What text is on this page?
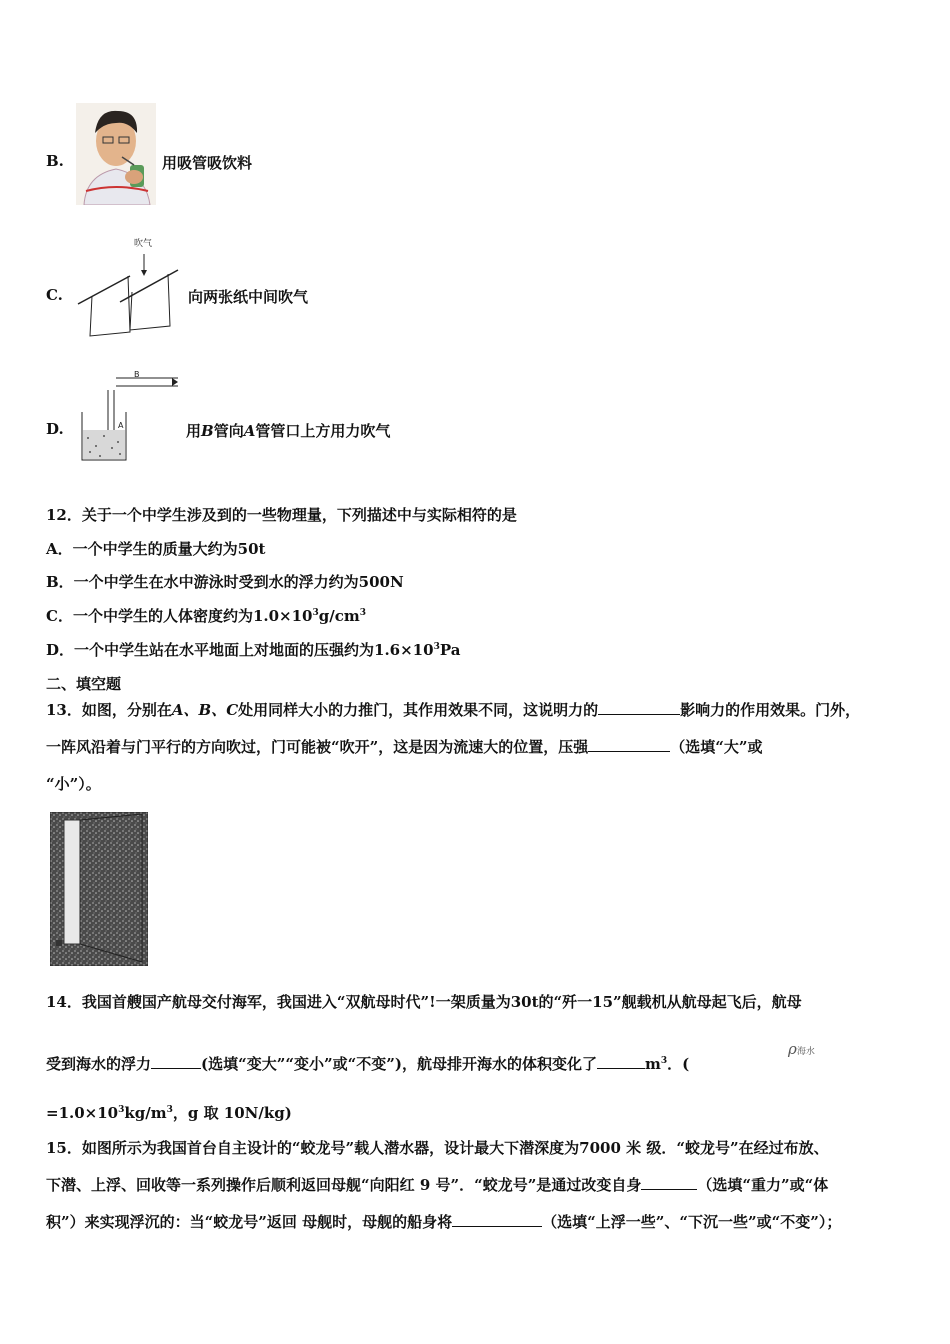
B.	用吸管吸饮料
C.
吹气
向两张纸中间吹气
D.
B
A	用B管向A管管口上方用力吹气
12．关于一个中学生涉及到的一些物理量，下列描述中与实际相符的是
A．一个中学生的质量大约为50t
B．一个中学生在水中游泳时受到水的浮力约为500N
C．一个中学生的人体密度约为$1.0\times 10^3g/cm^3$
D．一个中学生站在水平地面上对地面的压强约为$1.6\times 10^3Pa$
二、填空题
13．如图，分别在A、B、C处用同样大小的力推门，其作用效果不同，这说明力的	影响力的作用效果。门外，
一阵风沿着与门平行的方向吹过，门可能被“吹开”，这是因为流速大的位置，压强	（选填“大”或
“小”）。
14．我国首艘国产航母交付海军，我国进入“双航母时代”!一架质量为30t的“歼一15”舰载机从航母起飞后，航母
受到海水的浮力	(选填“变大”“变小”或“不变”)，航母排开海水的体积变化了	$m^3$．(
ρ海水
$=1.0\times 10^3kg/m^3$，g 取 10N/kg)
15．如图所示为我国首台自主设计的“蛟龙号”载人潜水器，设计最大下潜深度为7000 米 级．“蛟龙号”在经过布放、
下潜、上浮、回收等一系列操作后顺利返回母舰“向阳红 9 号”．“蛟龙号”是通过改变自身	（选填“重力”或“体
积”）来实现浮沉的：当“蛟龙号”返回 母舰时，母舰的船身将	（选填“上浮一些”、“下沉一些”或“不变”）；
